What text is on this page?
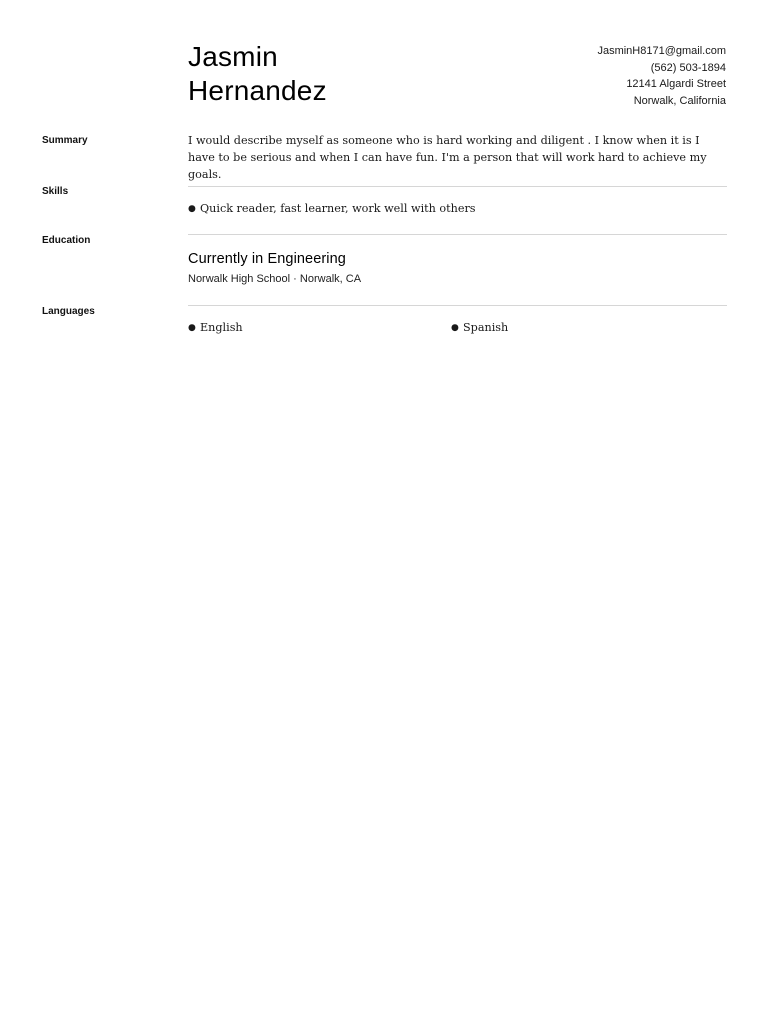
Jasmin
Hernandez
JasminH8171@gmail.com
(562) 503-1894
12141 Algardi Street
Norwalk, California
Summary	I would describe myself as someone who is hard working and diligent . I know when it is I have to be serious and when I can have fun. I'm a person that will work hard to achieve my goals.
Skills
● Quick reader, fast learner, work well with others
Education
Currently in Engineering
Norwalk High School · Norwalk, CA
Languages
● English	● Spanish
